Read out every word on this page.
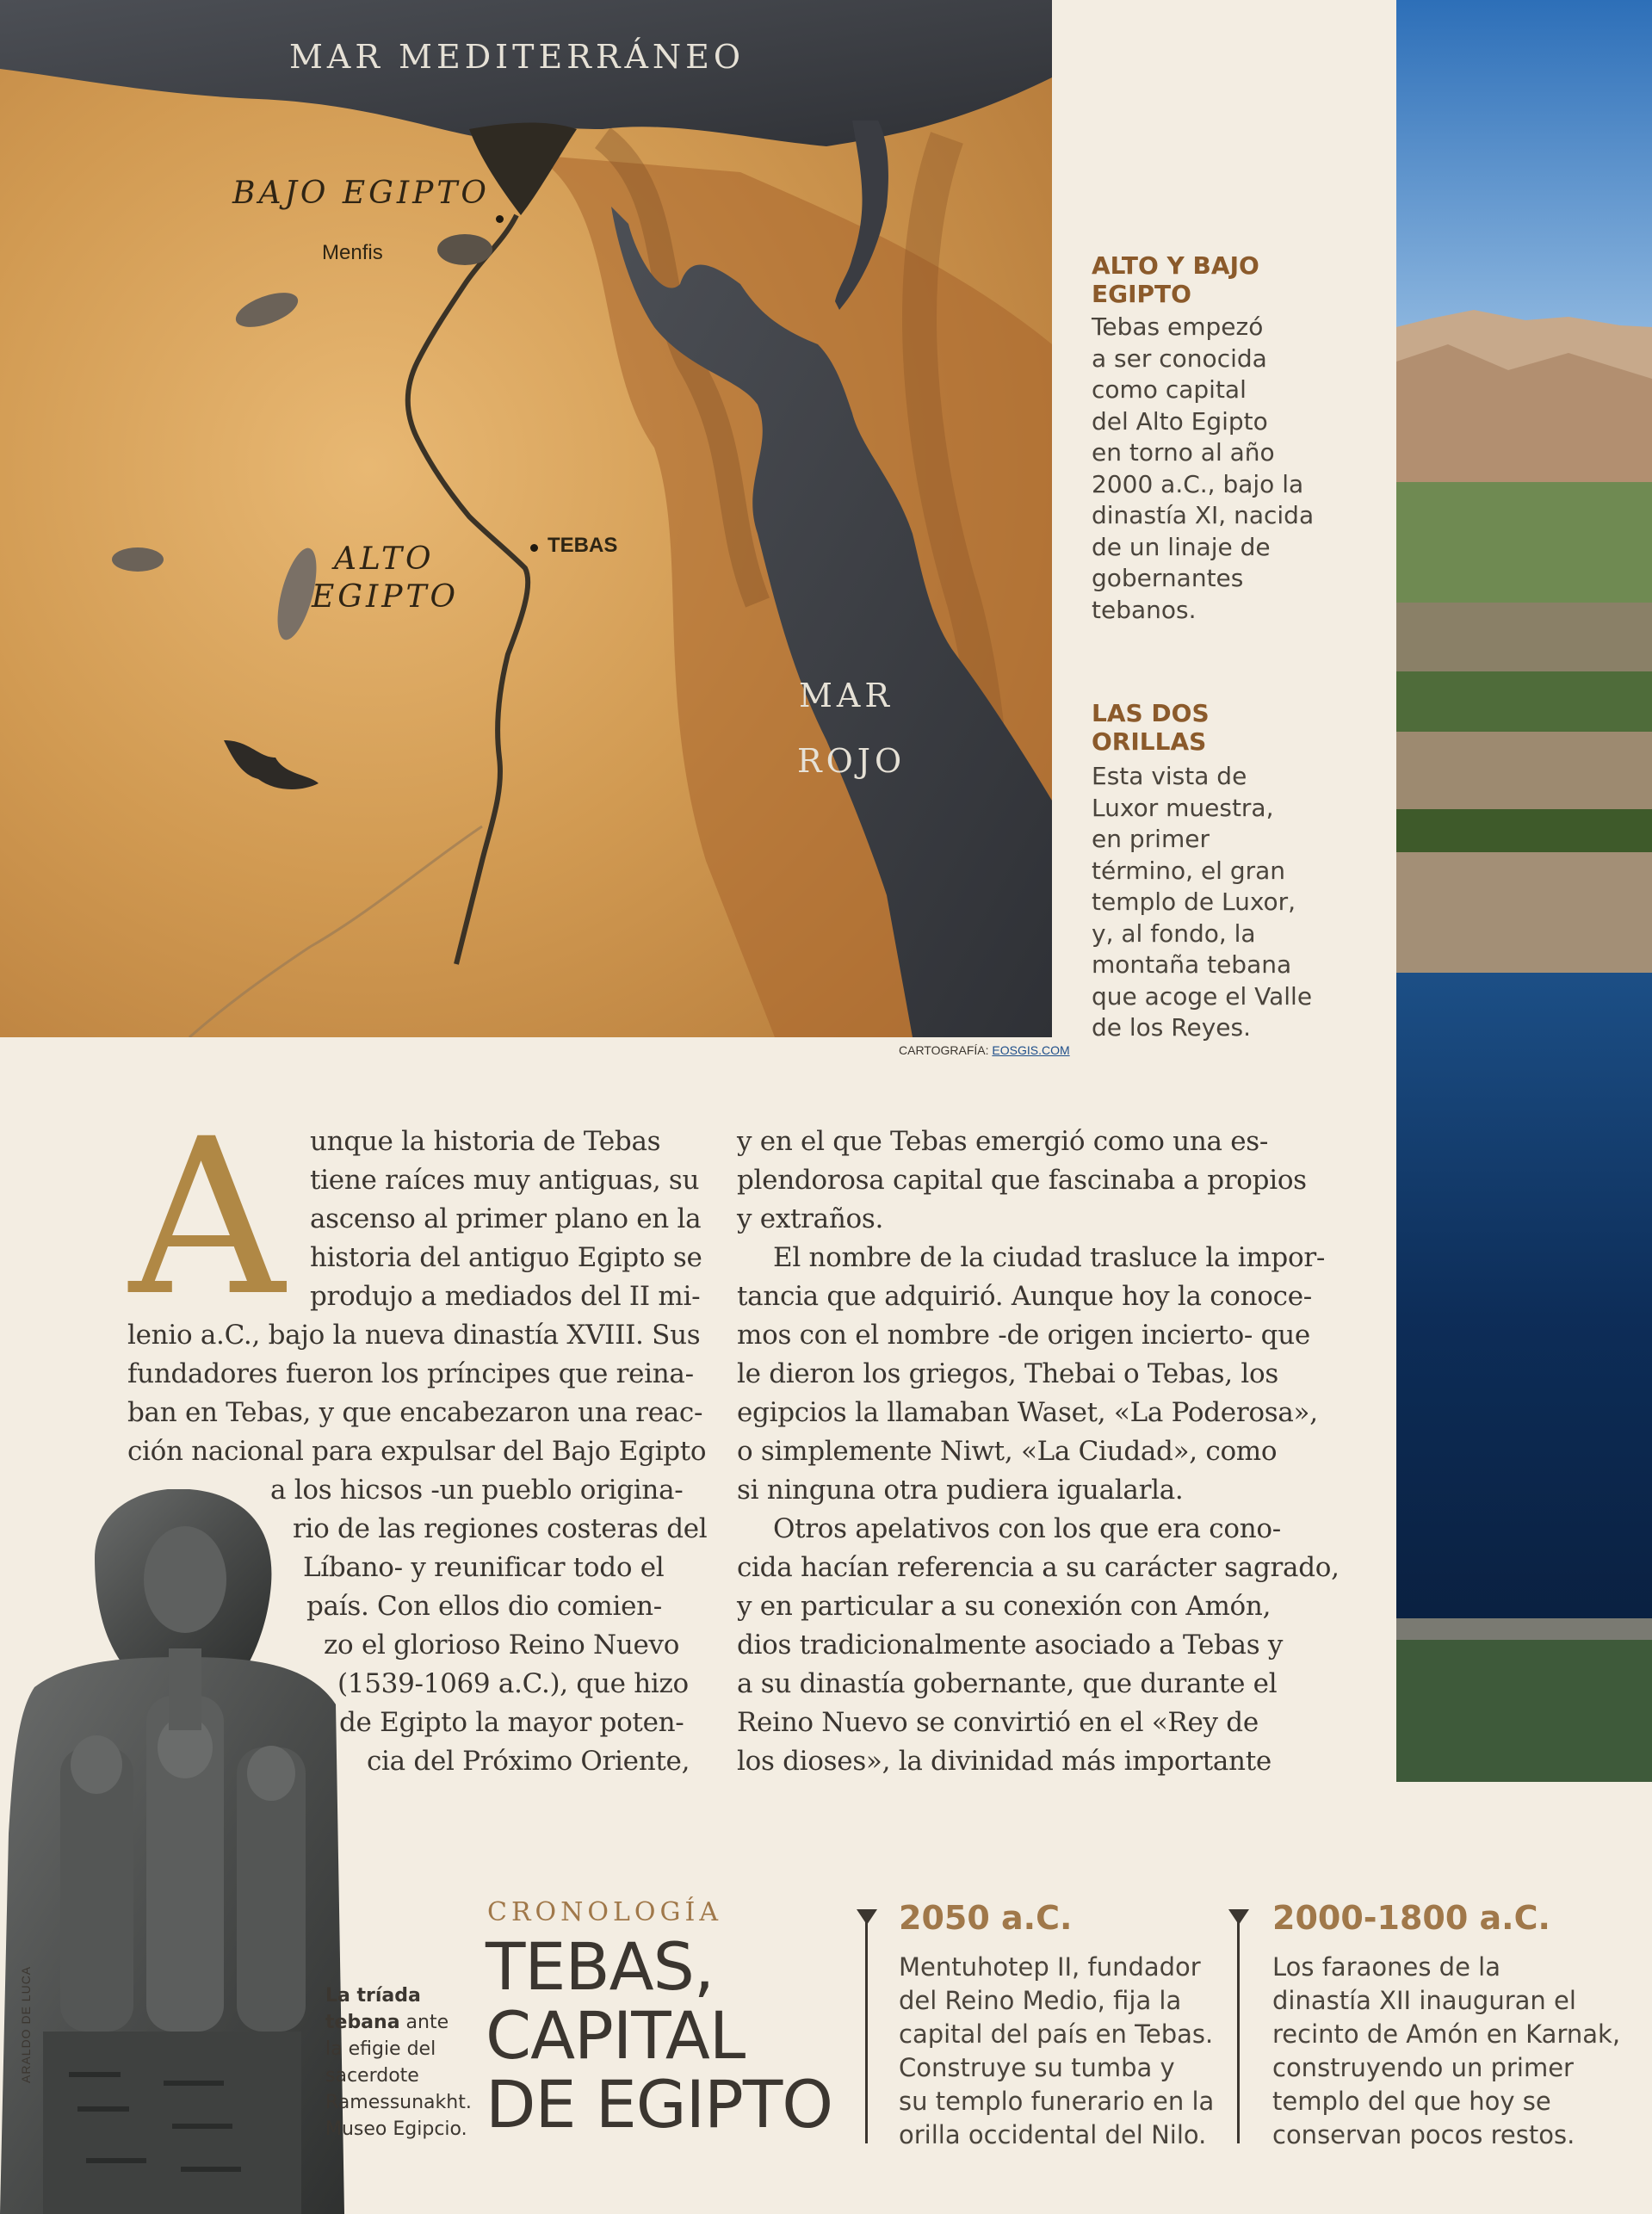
MAR MEDITERRÁNEO
BAJO EGIPTO
Menfis
ALTO
EGIPTO
TEBAS
MAR
ROJO
CARTOGRAFÍA: EOSGIS.COM
ALTO Y BAJO
EGIPTO
Tebas empezó
a ser conocida
como capital
del Alto Egipto
en torno al año
2000 a.C., bajo la
dinastía XI, nacida
de un linaje de
gobernantes
tebanos.
LAS DOS
ORILLAS
Esta vista de
Luxor muestra,
en primer
término, el gran
templo de Luxor,
y, al fondo, la
montaña tebana
que acoge el Valle
de los Reyes.
A unque la historia de Tebas
tiene raíces muy antiguas, su
ascenso al primer plano en la
historia del antiguo Egipto se
produjo a mediados del II mi-
lenio a.C., bajo la nueva dinastía XVIII. Sus
fundadores fueron los príncipes que reina-
ban en Tebas, y que encabezaron una reac-
ción nacional para expulsar del Bajo Egipto
a los hicsos -un pueblo origina-
rio de las regiones costeras del
Líbano- y reunificar todo el
país. Con ellos dio comien-
zo el glorioso Reino Nuevo
(1539-1069 a.C.), que hizo
de Egipto la mayor poten-
cia del Próximo Oriente,
y en el que Tebas emergió como una es-
plendorosa capital que fascinaba a propios
y extraños.
El nombre de la ciudad trasluce la impor-
tancia que adquirió. Aunque hoy la conoce-
mos con el nombre -de origen incierto- que
le dieron los griegos, Thebai o Tebas, los
egipcios la llamaban Waset, «La Poderosa»,
o simplemente Niwt, «La Ciudad», como
si ninguna otra pudiera igualarla.
Otros apelativos con los que era cono-
cida hacían referencia a su carácter sagrado,
y en particular a su conexión con Amón,
dios tradicionalmente asociado a Tebas y
a su dinastía gobernante, que durante el
Reino Nuevo se convirtió en el «Rey de
los dioses», la divinidad más importante
La tríada
tebana ante
la efigie del
sacerdote
Ramessunakht.
Museo Egipcio.
ARALDO DE LUCA
CRONOLOGÍA
TEBAS,
CAPITAL
DE EGIPTO
2050 a.C.
Mentuhotep II, fundador
del Reino Medio, fija la
capital del país en Tebas.
Construye su tumba y
su templo funerario en la
orilla occidental del Nilo.
2000-1800 a.C.
Los faraones de la
dinastía XII inauguran el
recinto de Amón en Karnak,
construyendo un primer
templo del que hoy se
conservan pocos restos.
